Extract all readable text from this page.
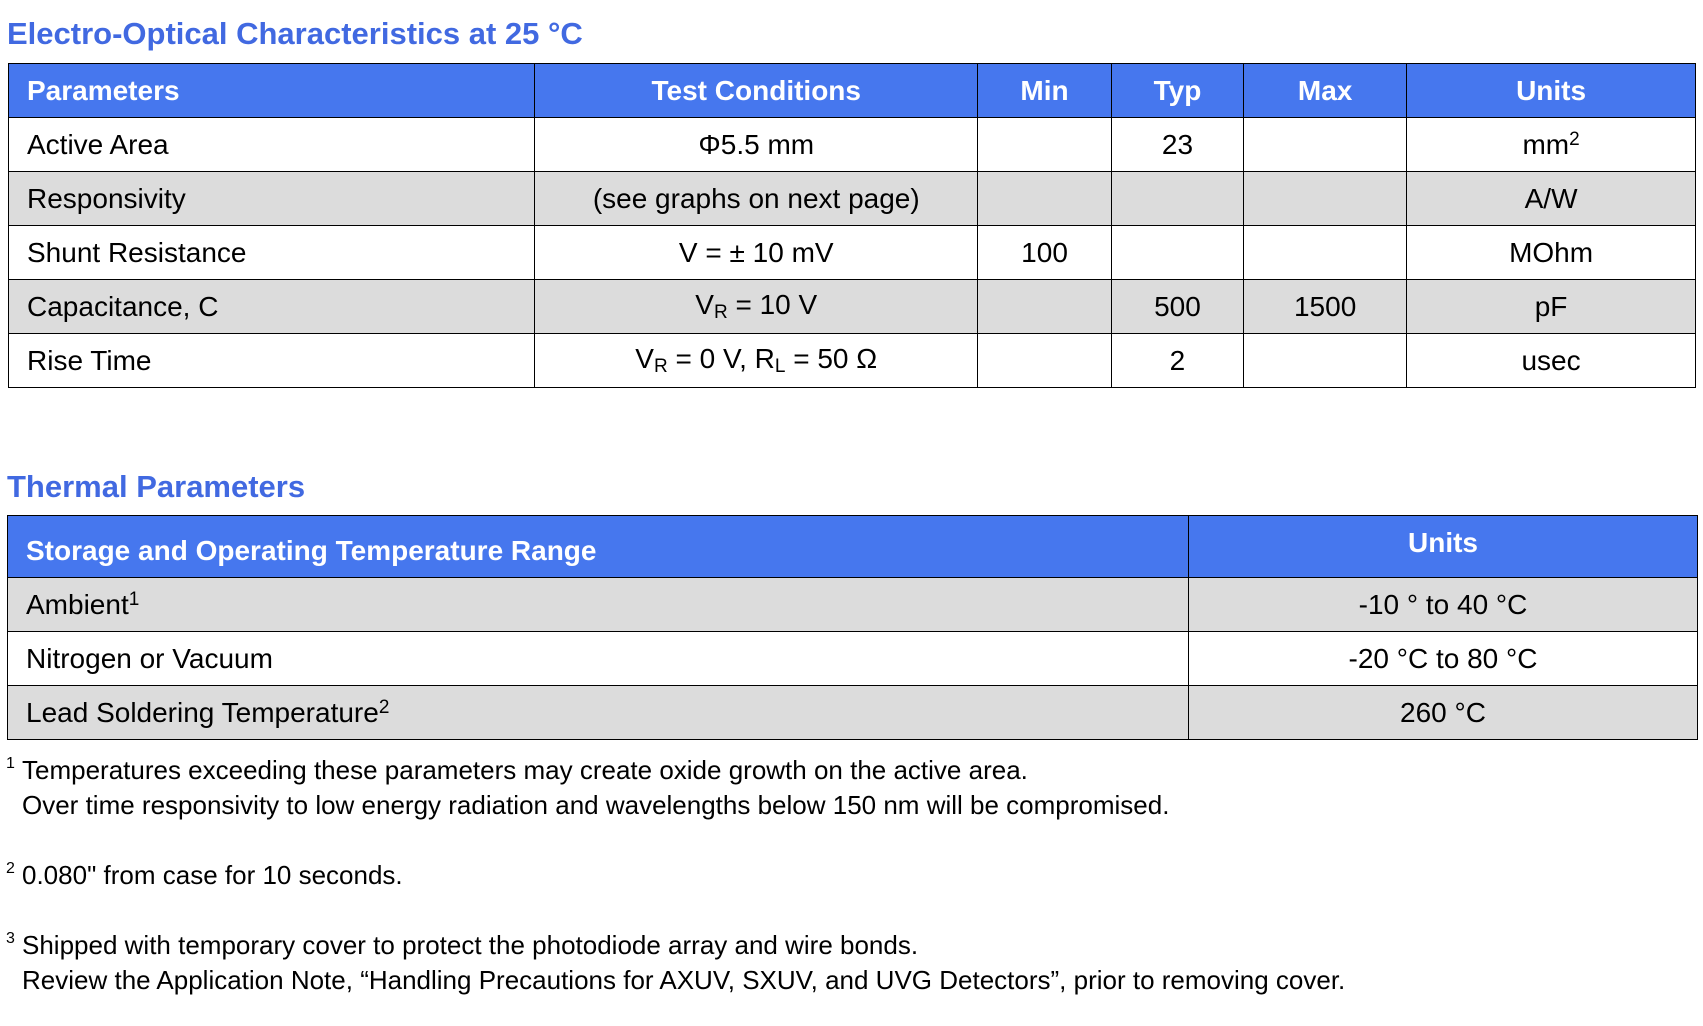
Electro-Optical Characteristics at 25 °C
Parameters	Test Conditions	Min	Typ	Max	Units
Active Area	Φ5.5 mm		23		$mm^2$
Responsivity	(see graphs on next page)				A/W
Shunt Resistance	V = ± 10 mV	100			MOhm
Capacitance, C	$V_R = 10$ V		500	1500	pF
Rise Time	$V_R = 0$ V, $R_L = 50$ Ω		2		usec
Thermal Parameters
Storage and Operating Temperature Range	Units
Ambient$^1$	-10 ° to 40 °C
Nitrogen or Vacuum	-20 °C to 80 °C
Lead Soldering Temperature$^2$	260 °C
1 Temperatures exceeding these parameters may create oxide growth on the active area.
Over time responsivity to low energy radiation and wavelengths below 150 nm will be compromised.
2 0.080" from case for 10 seconds.
3 Shipped with temporary cover to protect the photodiode array and wire bonds.
Review the Application Note, “Handling Precautions for AXUV, SXUV, and UVG Detectors”, prior to removing cover.
